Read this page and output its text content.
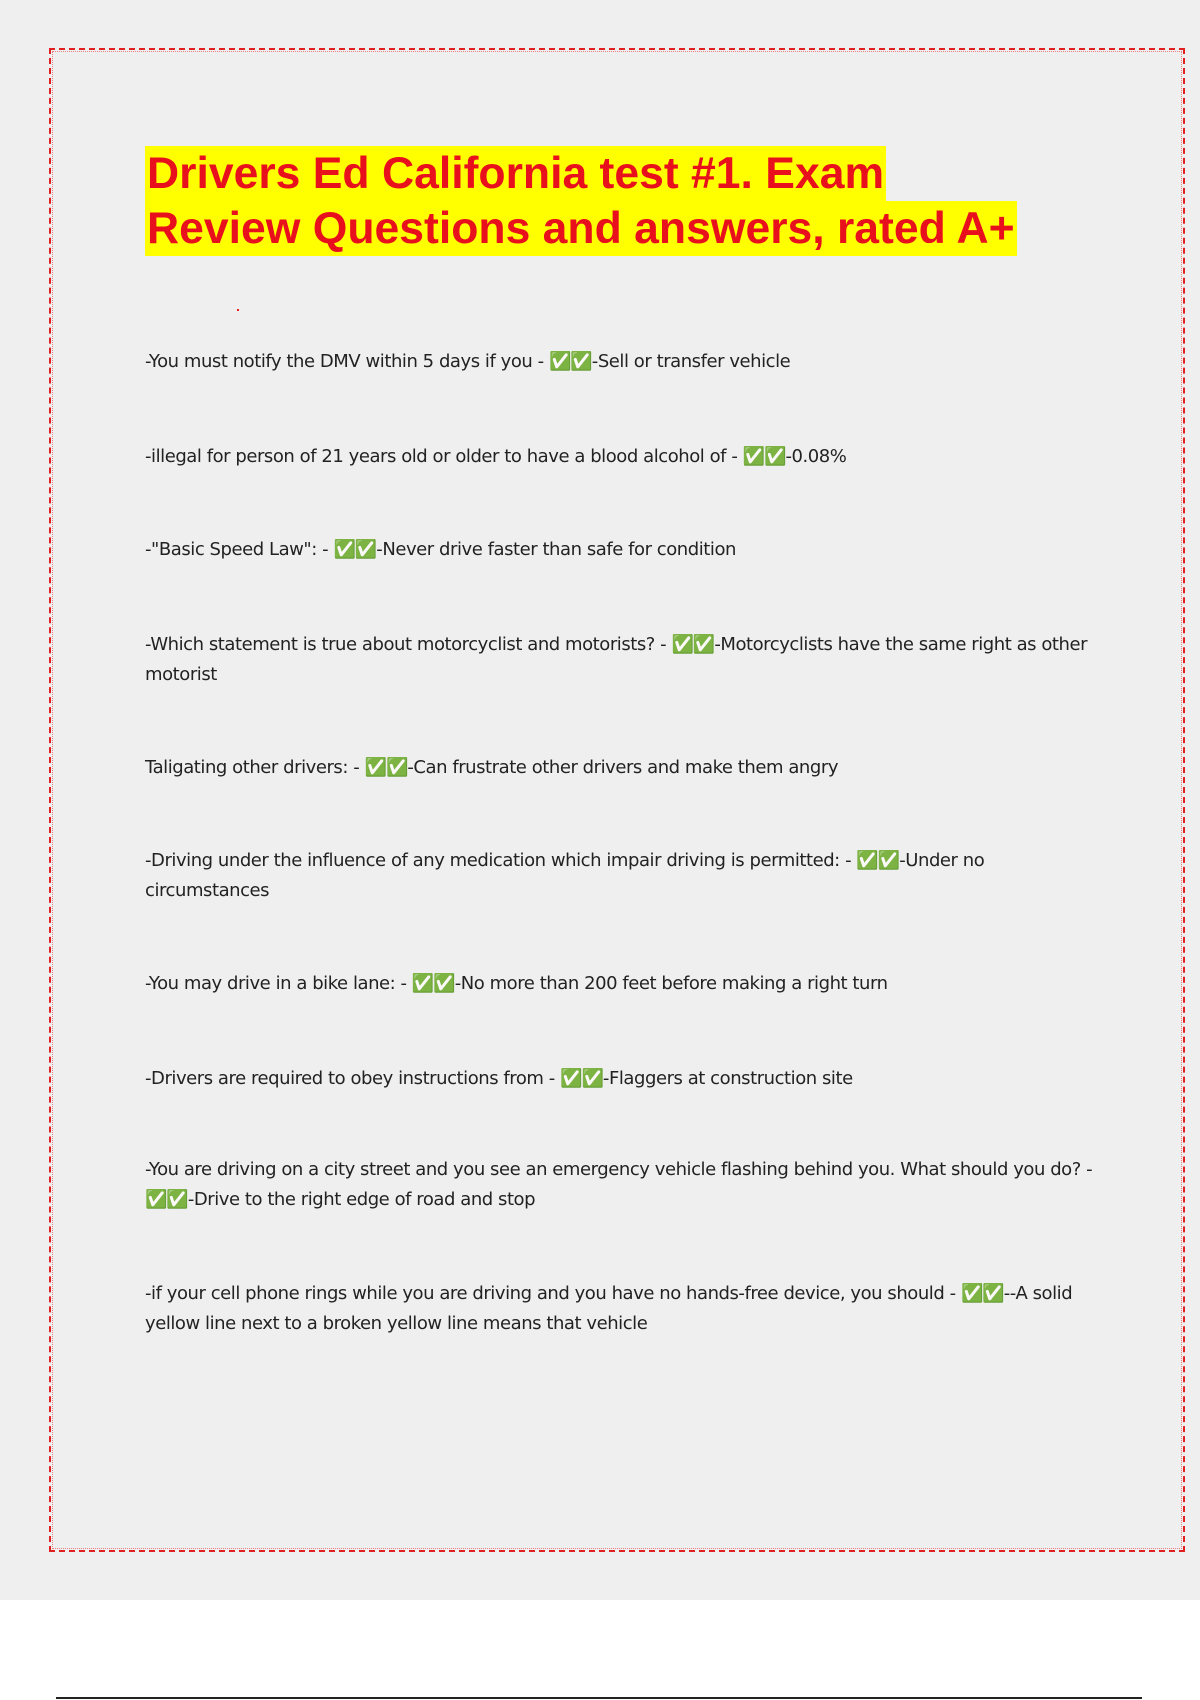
Drivers Ed California test #1. Exam
Review Questions and answers, rated A+
-You must notify the DMV within 5 days if you - ✅✅-Sell or transfer vehicle
-illegal for person of 21 years old or older to have a blood alcohol of - ✅✅-0.08%
-"Basic Speed Law": - ✅✅-Never drive faster than safe for condition
-Which statement is true about motorcyclist and motorists? - ✅✅-Motorcyclists have the same right as other motorist
Taligating other drivers: - ✅✅-Can frustrate other drivers and make them angry
-Driving under the influence of any medication which impair driving is permitted: - ✅✅-Under no circumstances
-You may drive in a bike lane: - ✅✅-No more than 200 feet before making a right turn
-Drivers are required to obey instructions from - ✅✅-Flaggers at construction site
-You are driving on a city street and you see an emergency vehicle flashing behind you. What should you do? - ✅✅-Drive to the right edge of road and stop
-if your cell phone rings while you are driving and you have no hands-free device, you should - ✅✅--A solid yellow line next to a broken yellow line means that vehicle
